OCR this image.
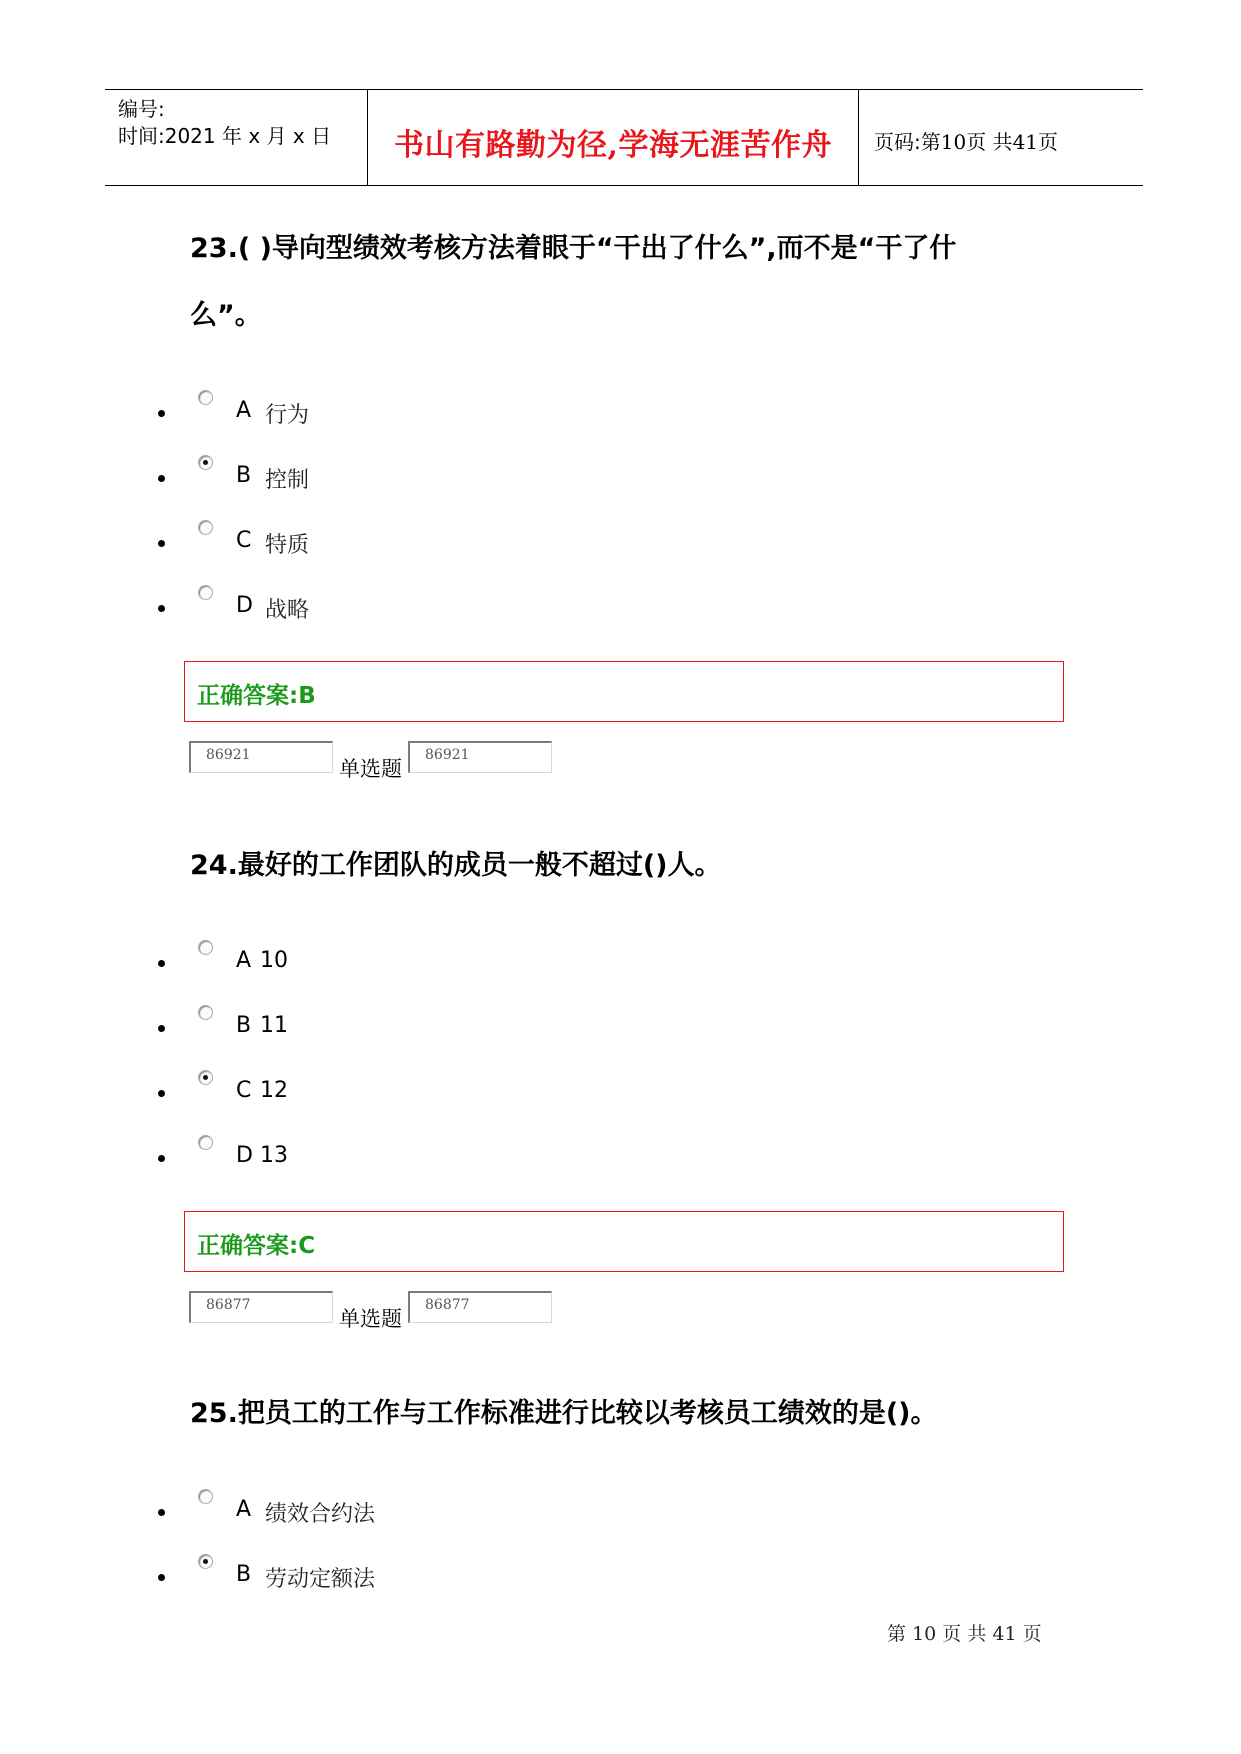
编号:
时间:2021 年 x 月 x 日	书山有路勤为径,学海无涯苦作舟	页码:第10页 共41页
23.( )导向型绩效考核方法着眼于“干出了什么”,而不是“干了什
么”。
A 行为
B 控制
C 特质
D 战略
正确答案:B
86921
单选题
86921
24.最好的工作团队的成员一般不超过()人。
A 10
B 11
C 12
D 13
正确答案:C
86877
单选题
86877
25.把员工的工作与工作标准进行比较以考核员工绩效的是()。
A 绩效合约法
B 劳动定额法
第 10 页 共 41 页
